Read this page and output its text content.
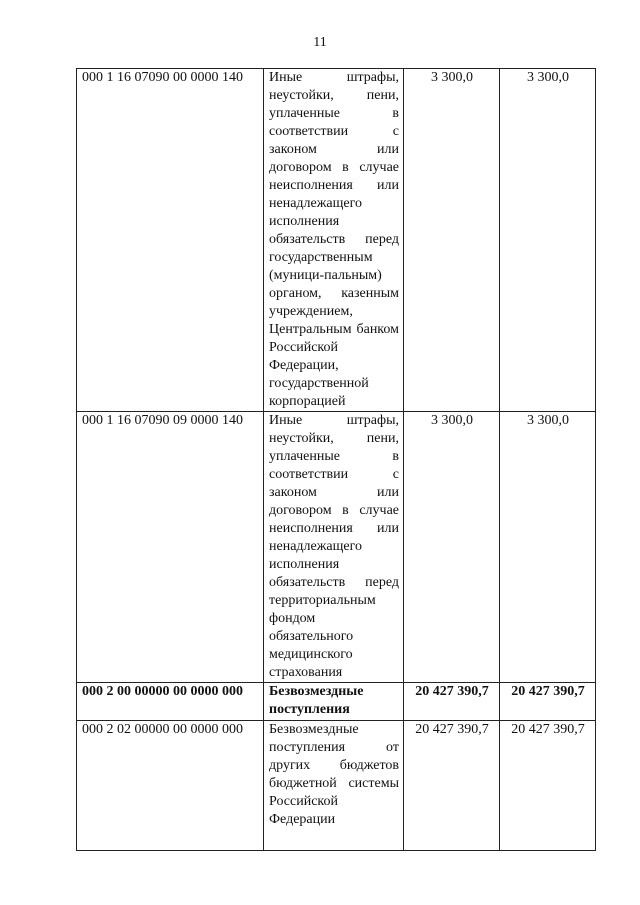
11
000 1 16 07090 00 0000 140	Иные штрафы, неустойки, пени, уплаченные в соответствии с законом или договором в случае неисполнения или ненадлежащего исполнения обязательств перед государственным (муници-пальным) органом, казенным учреждением, Центральным банком Российской Федерации, государственной корпорацией	3 300,0	3 300,0
000 1 16 07090 09 0000 140	Иные штрафы, неустойки, пени, уплаченные в соответствии с законом или договором в случае неисполнения или ненадлежащего исполнения обязательств перед территориальным фондом обязательного медицинского страхования	3 300,0	3 300,0
000 2 00 00000 00 0000 000	Безвозмездные поступления	20 427 390,7	20 427 390,7
000 2 02 00000 00 0000 000	Безвозмездные поступления от других бюджетов бюджетной системы Российской Федерации	20 427 390,7	20 427 390,7
